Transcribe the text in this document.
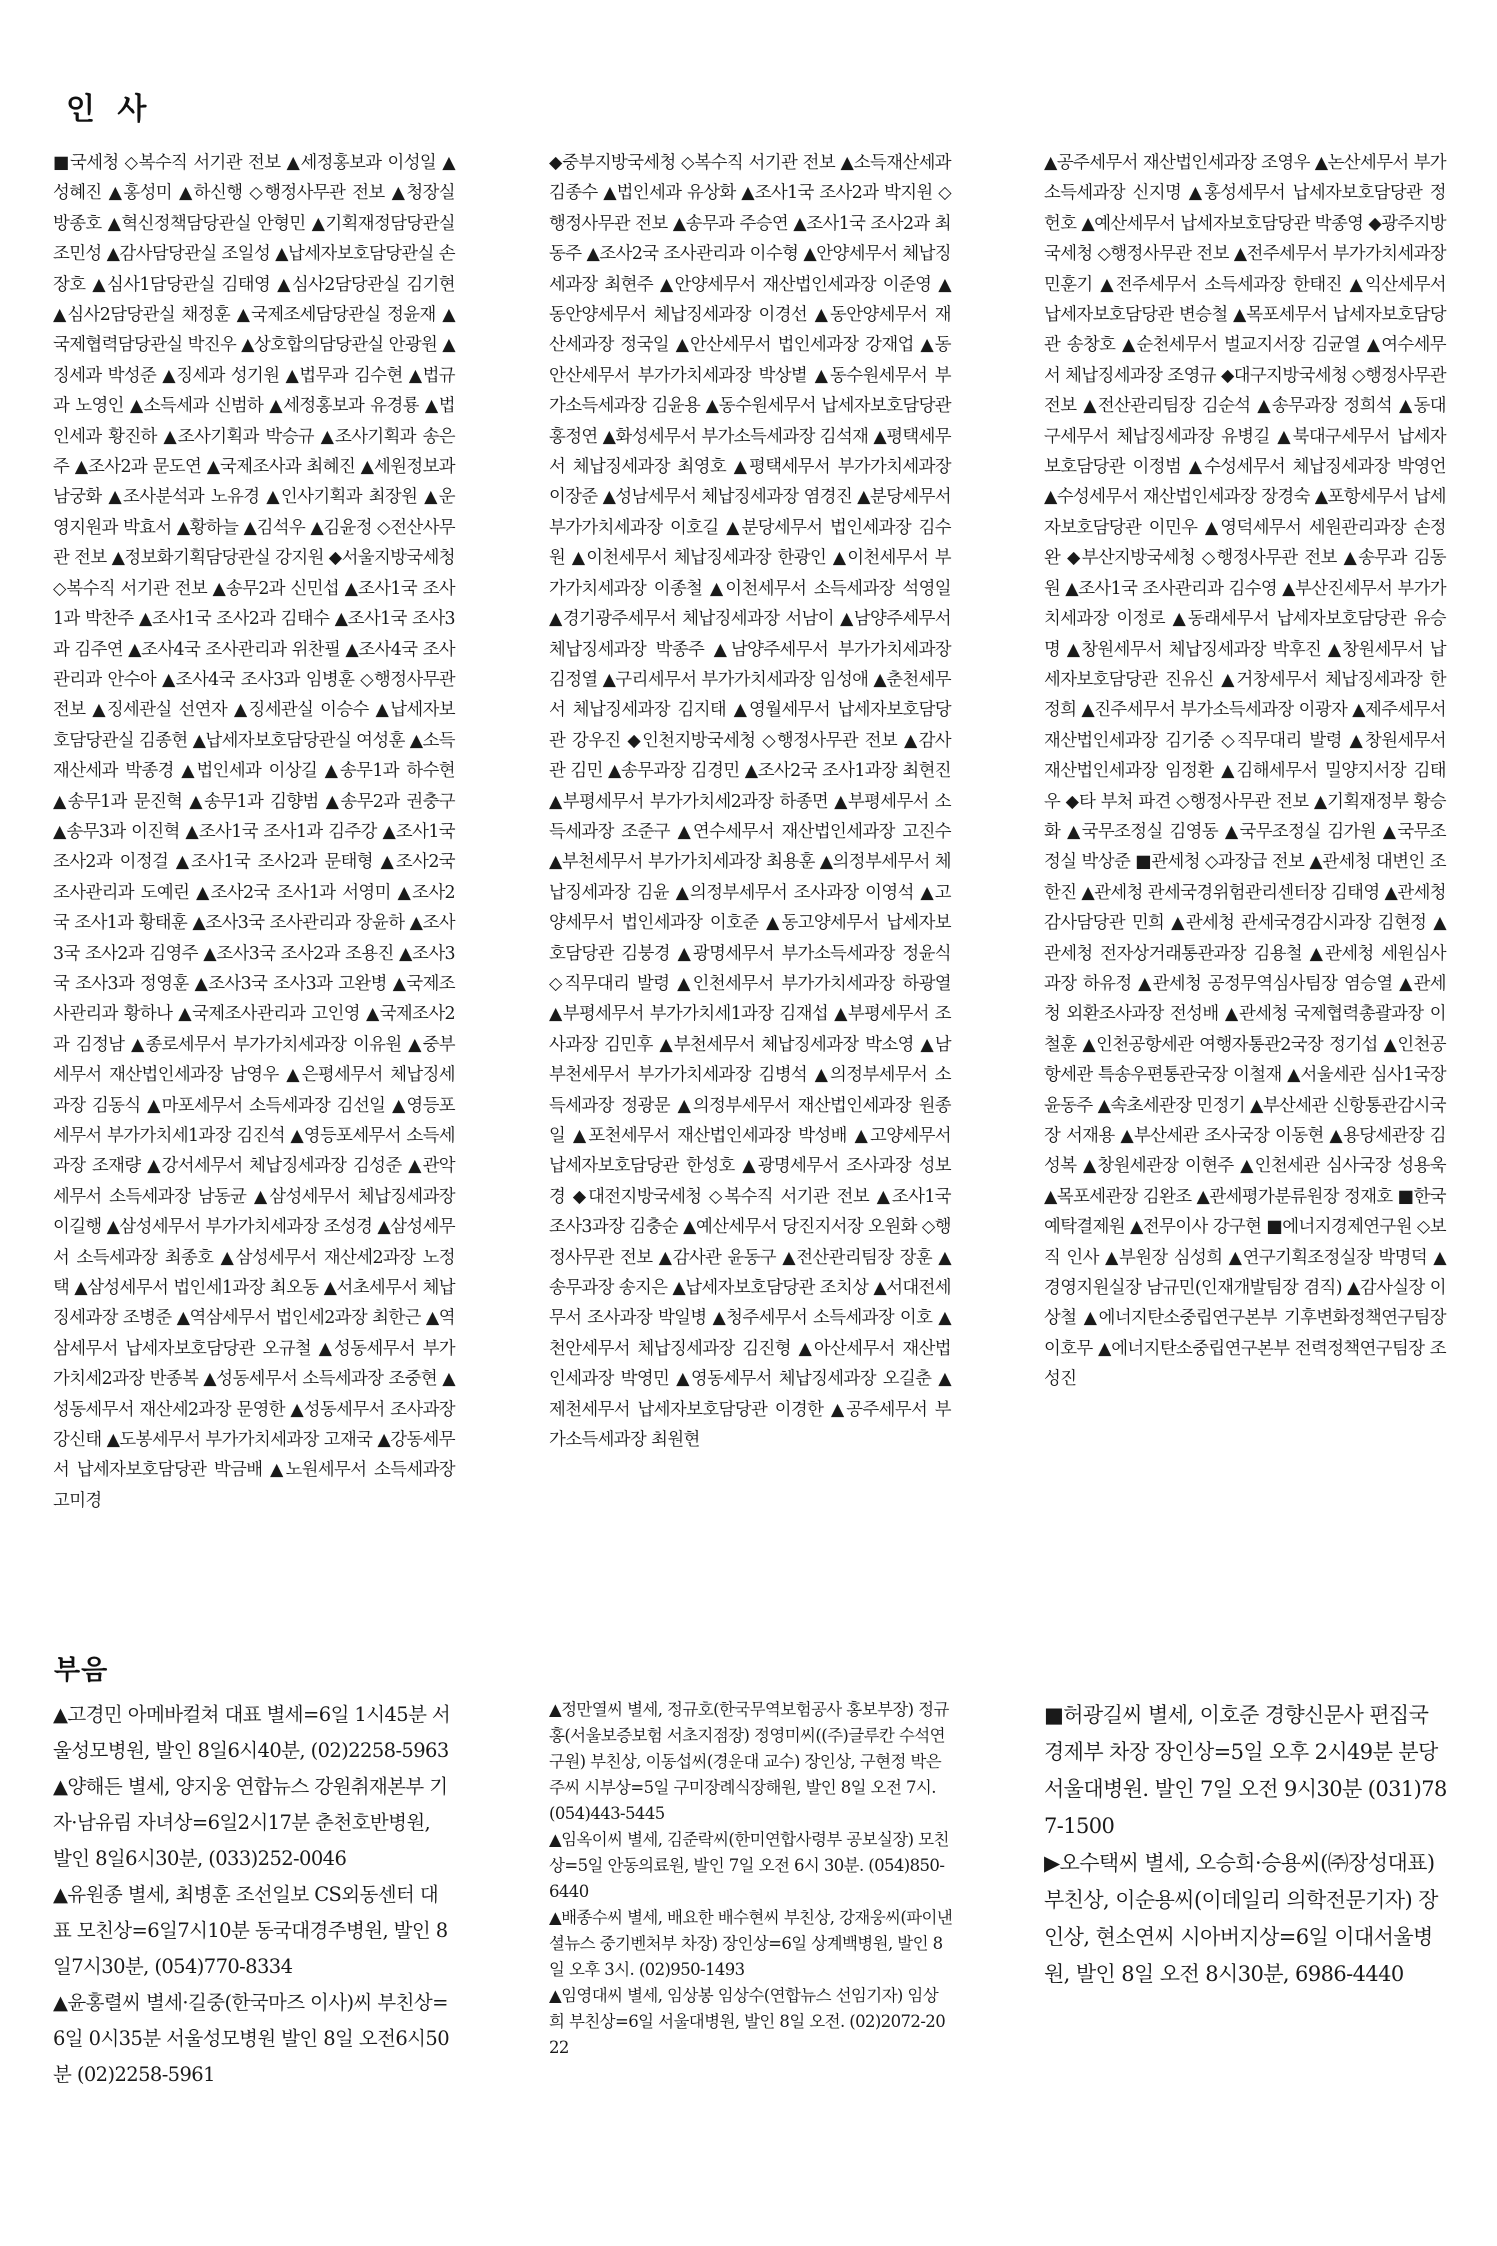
인 사
■국세청 ◇복수직 서기관 전보 ▲세정홍보과 이성일 ▲성혜진 ▲홍성미 ▲하신행 ◇행정사무관 전보 ▲청장실 방종호 ▲혁신정책담당관실 안형민 ▲기획재정담당관실 조민성 ▲감사담당관실 조일성 ▲납세자보호담당관실 손장호 ▲심사1담당관실 김태영 ▲심사2담당관실 김기현 ▲심사2담당관실 채정훈 ▲국제조세담당관실 정윤재 ▲국제협력담당관실 박진우 ▲상호합의담당관실 안광원 ▲징세과 박성준 ▲징세과 성기원 ▲법무과 김수현 ▲법규과 노영인 ▲소득세과 신범하 ▲세정홍보과 유경룡 ▲법인세과 황진하 ▲조사기획과 박승규 ▲조사기획과 송은주 ▲조사2과 문도연 ▲국제조사과 최혜진 ▲세원정보과 남궁화 ▲조사분석과 노유경 ▲인사기획과 최장원 ▲운영지원과 박효서 ▲황하늘 ▲김석우 ▲김윤정 ◇전산사무관 전보 ▲정보화기획담당관실 강지원 ◆서울지방국세청 ◇복수직 서기관 전보 ▲송무2과 신민섭 ▲조사1국 조사1과 박찬주 ▲조사1국 조사2과 김태수 ▲조사1국 조사3과 김주연 ▲조사4국 조사관리과 위찬필 ▲조사4국 조사관리과 안수아 ▲조사4국 조사3과 임병훈 ◇행정사무관 전보 ▲징세관실 선연자 ▲징세관실 이승수 ▲납세자보호담당관실 김종현 ▲납세자보호담당관실 여성훈 ▲소득재산세과 박종경 ▲법인세과 이상길 ▲송무1과 하수현 ▲송무1과 문진혁 ▲송무1과 김향범 ▲송무2과 권충구 ▲송무3과 이진혁 ▲조사1국 조사1과 김주강 ▲조사1국 조사2과 이정걸 ▲조사1국 조사2과 문태형 ▲조사2국 조사관리과 도예린 ▲조사2국 조사1과 서영미 ▲조사2국 조사1과 황태훈 ▲조사3국 조사관리과 장윤하 ▲조사3국 조사2과 김영주 ▲조사3국 조사2과 조용진 ▲조사3국 조사3과 정영훈 ▲조사3국 조사3과 고완병 ▲국제조사관리과 황하나 ▲국제조사관리과 고인영 ▲국제조사2과 김정남 ▲종로세무서 부가가치세과장 이유원 ▲중부세무서 재산법인세과장 남영우 ▲은평세무서 체납징세과장 김동식 ▲마포세무서 소득세과장 김선일 ▲영등포세무서 부가가치세1과장 김진석 ▲영등포세무서 소득세과장 조재량 ▲강서세무서 체납징세과장 김성준 ▲관악세무서 소득세과장 남동균 ▲삼성세무서 체납징세과장 이길행 ▲삼성세무서 부가가치세과장 조성경 ▲삼성세무서 소득세과장 최종호 ▲삼성세무서 재산세2과장 노정택 ▲삼성세무서 법인세1과장 최오동 ▲서초세무서 체납징세과장 조병준 ▲역삼세무서 법인세2과장 최한근 ▲역삼세무서 납세자보호담당관 오규철 ▲성동세무서 부가가치세2과장 반종복 ▲성동세무서 소득세과장 조중현 ▲성동세무서 재산세2과장 문영한 ▲성동세무서 조사과장 강신태 ▲도봉세무서 부가가치세과장 고재국 ▲강동세무서 납세자보호담당관 박금배 ▲노원세무서 소득세과장 고미경
◆중부지방국세청 ◇복수직 서기관 전보 ▲소득재산세과 김종수 ▲법인세과 유상화 ▲조사1국 조사2과 박지원 ◇행정사무관 전보 ▲송무과 주승연 ▲조사1국 조사2과 최동주 ▲조사2국 조사관리과 이수형 ▲안양세무서 체납징세과장 최현주 ▲안양세무서 재산법인세과장 이준영 ▲동안양세무서 체납징세과장 이경선 ▲동안양세무서 재산세과장 정국일 ▲안산세무서 법인세과장 강재업 ▲동안산세무서 부가가치세과장 박상볕 ▲동수원세무서 부가소득세과장 김윤용 ▲동수원세무서 납세자보호담당관 홍정연 ▲화성세무서 부가소득세과장 김석재 ▲평택세무서 체납징세과장 최영호 ▲평택세무서 부가가치세과장 이장준 ▲성남세무서 체납징세과장 염경진 ▲분당세무서 부가가치세과장 이호길 ▲분당세무서 법인세과장 김수원 ▲이천세무서 체납징세과장 한광인 ▲이천세무서 부가가치세과장 이종철 ▲이천세무서 소득세과장 석영일 ▲경기광주세무서 체납징세과장 서남이 ▲남양주세무서 체납징세과장 박종주 ▲남양주세무서 부가가치세과장 김정열 ▲구리세무서 부가가치세과장 임성애 ▲춘천세무서 체납징세과장 김지태 ▲영월세무서 납세자보호담당관 강우진 ◆인천지방국세청 ◇행정사무관 전보 ▲감사관 김민 ▲송무과장 김경민 ▲조사2국 조사1과장 최현진 ▲부평세무서 부가가치세2과장 하종면 ▲부평세무서 소득세과장 조준구 ▲연수세무서 재산법인세과장 고진수 ▲부천세무서 부가가치세과장 최용훈 ▲의정부세무서 체납징세과장 김윤 ▲의정부세무서 조사과장 이영석 ▲고양세무서 법인세과장 이호준 ▲동고양세무서 납세자보호담당관 김붕경 ▲광명세무서 부가소득세과장 정윤식 ◇직무대리 발령 ▲인천세무서 부가가치세과장 하광열 ▲부평세무서 부가가치세1과장 김재섭 ▲부평세무서 조사과장 김민후 ▲부천세무서 체납징세과장 박소영 ▲남부천세무서 부가가치세과장 김병석 ▲의정부세무서 소득세과장 정광문 ▲의정부세무서 재산법인세과장 원종일 ▲포천세무서 재산법인세과장 박성배 ▲고양세무서 납세자보호담당관 한성호 ▲광명세무서 조사과장 성보경 ◆대전지방국세청 ◇복수직 서기관 전보 ▲조사1국 조사3과장 김충순 ▲예산세무서 당진지서장 오원화 ◇행정사무관 전보 ▲감사관 윤동구 ▲전산관리팀장 장훈 ▲송무과장 송지은 ▲납세자보호담당관 조치상 ▲서대전세무서 조사과장 박일병 ▲청주세무서 소득세과장 이호 ▲천안세무서 체납징세과장 김진형 ▲아산세무서 재산법인세과장 박영민 ▲영동세무서 체납징세과장 오길춘 ▲제천세무서 납세자보호담당관 이경한 ▲공주세무서 부가소득세과장 최원현
▲공주세무서 재산법인세과장 조영우 ▲논산세무서 부가소득세과장 신지명 ▲홍성세무서 납세자보호담당관 정헌호 ▲예산세무서 납세자보호담당관 박종영 ◆광주지방국세청 ◇행정사무관 전보 ▲전주세무서 부가가치세과장 민훈기 ▲전주세무서 소득세과장 한태진 ▲익산세무서 납세자보호담당관 변승철 ▲목포세무서 납세자보호담당관 송창호 ▲순천세무서 벌교지서장 김균열 ▲여수세무서 체납징세과장 조영규 ◆대구지방국세청 ◇행정사무관 전보 ▲전산관리팀장 김순석 ▲송무과장 정희석 ▲동대구세무서 체납징세과장 유병길 ▲북대구세무서 납세자보호담당관 이정범 ▲수성세무서 체납징세과장 박영언 ▲수성세무서 재산법인세과장 장경숙 ▲포항세무서 납세자보호담당관 이민우 ▲영덕세무서 세원관리과장 손정완 ◆부산지방국세청 ◇행정사무관 전보 ▲송무과 김동원 ▲조사1국 조사관리과 김수영 ▲부산진세무서 부가가치세과장 이정로 ▲동래세무서 납세자보호담당관 유승명 ▲창원세무서 체납징세과장 박후진 ▲창원세무서 납세자보호담당관 진유신 ▲거창세무서 체납징세과장 한정희 ▲진주세무서 부가소득세과장 이광자 ▲제주세무서 재산법인세과장 김기중 ◇직무대리 발령 ▲창원세무서 재산법인세과장 임정환 ▲김해세무서 밀양지서장 김태우 ◆타 부처 파견 ◇행정사무관 전보 ▲기획재정부 황승화 ▲국무조정실 김영동 ▲국무조정실 김가원 ▲국무조정실 박상준 ■관세청 ◇과장급 전보 ▲관세청 대변인 조한진 ▲관세청 관세국경위험관리센터장 김태영 ▲관세청 감사담당관 민희 ▲관세청 관세국경감시과장 김현정 ▲관세청 전자상거래통관과장 김용철 ▲관세청 세원심사과장 하유정 ▲관세청 공정무역심사팀장 염승열 ▲관세청 외환조사과장 전성배 ▲관세청 국제협력총괄과장 이철훈 ▲인천공항세관 여행자통관2국장 정기섭 ▲인천공항세관 특송우편통관국장 이철재 ▲서울세관 심사1국장 윤동주 ▲속초세관장 민정기 ▲부산세관 신항통관감시국장 서재용 ▲부산세관 조사국장 이동현 ▲용당세관장 김성복 ▲창원세관장 이현주 ▲인천세관 심사국장 성용욱 ▲목포세관장 김완조 ▲관세평가분류원장 정재호 ■한국예탁결제원 ▲전무이사 강구현 ■에너지경제연구원 ◇보직 인사 ▲부원장 심성희 ▲연구기획조정실장 박명덕 ▲경영지원실장 남규민(인재개발팀장 겸직) ▲감사실장 이상철 ▲에너지탄소중립연구본부 기후변화정책연구팀장 이호무 ▲에너지탄소중립연구본부 전력정책연구팀장 조성진
부음
▲고경민 아메바컬쳐 대표 별세=6일 1시45분 서울성모병원, 발인 8일6시40분, (02)2258-5963
▲양해든 별세, 양지웅 연합뉴스 강원취재본부 기자·남유림 자녀상=6일2시17분 춘천호반병원, 발인 8일6시30분, (033)252-0046
▲유원종 별세, 최병훈 조선일보 CS외동센터 대표 모친상=6일7시10분 동국대경주병원, 발인 8일7시30분, (054)770-8334
▲윤홍렬씨 별세·길중(한국마즈 이사)씨 부친상=6일 0시35분 서울성모병원 발인 8일 오전6시50분 (02)2258-5961
▲정만열씨 별세, 정규호(한국무역보험공사 홍보부장) 정규홍(서울보증보험 서초지점장) 정영미씨((주)글루칸 수석연구원) 부친상, 이동섭씨(경운대 교수) 장인상, 구현정 박은주씨 시부상=5일 구미장례식장해원, 발인 8일 오전 7시. (054)443-5445
▲임옥이씨 별세, 김준락씨(한미연합사령부 공보실장) 모친상=5일 안동의료원, 발인 7일 오전 6시 30분. (054)850-6440
▲배종수씨 별세, 배요한 배수현씨 부친상, 강재웅씨(파이낸셜뉴스 중기벤처부 차장) 장인상=6일 상계백병원, 발인 8일 오후 3시. (02)950-1493
▲임영대씨 별세, 임상봉 임상수(연합뉴스 선임기자) 임상희 부친상=6일 서울대병원, 발인 8일 오전. (02)2072-2022
■허광길씨 별세, 이호준 경향신문사 편집국 경제부 차장 장인상=5일 오후 2시49분 분당서울대병원. 발인 7일 오전 9시30분 (031)787-1500
▶오수택씨 별세, 오승희·승용씨(㈜장성대표) 부친상, 이순용씨(이데일리 의학전문기자) 장인상, 현소연씨 시아버지상=6일 이대서울병원, 발인 8일 오전 8시30분, 6986-4440
